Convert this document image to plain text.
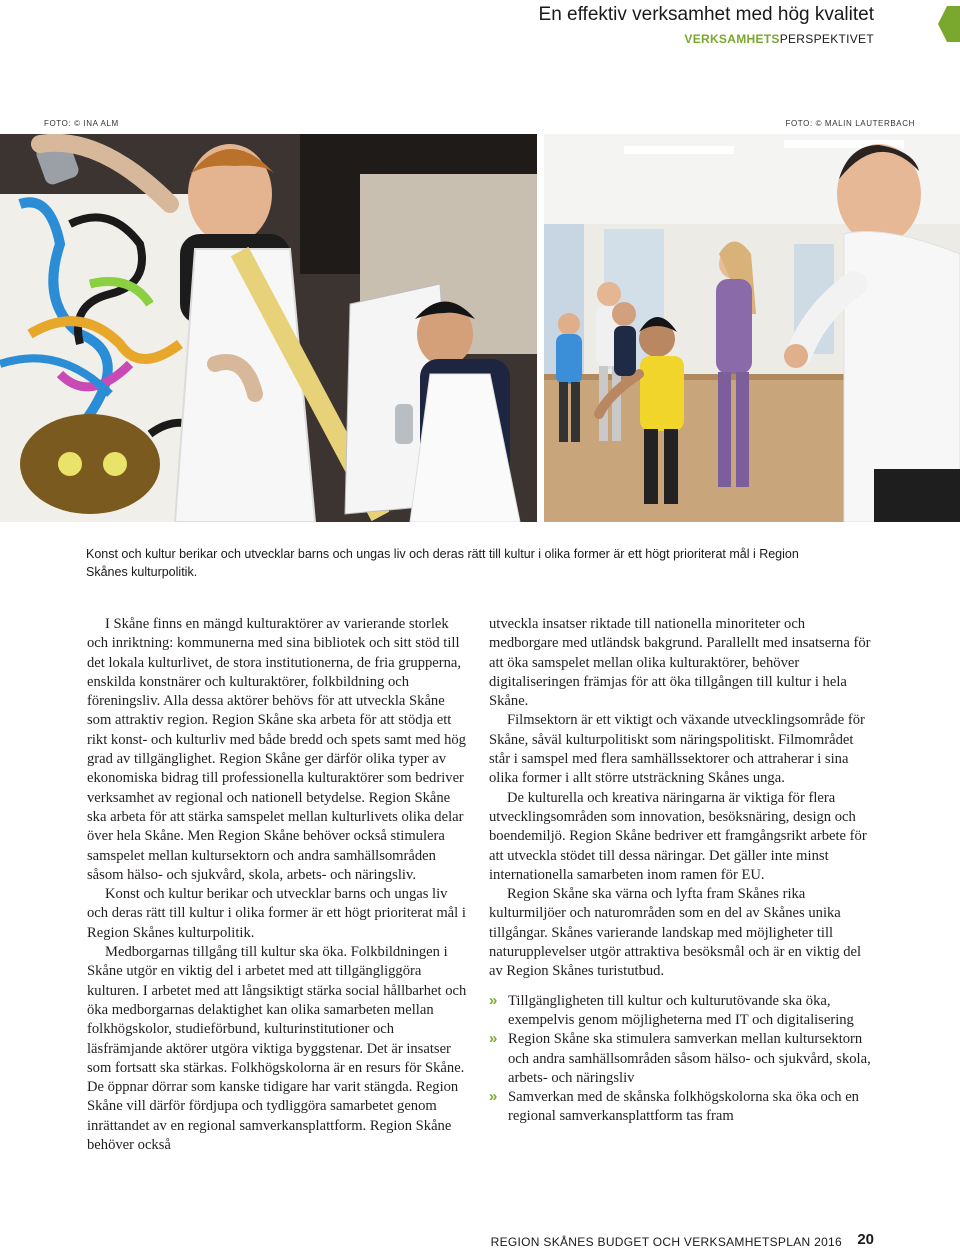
En effektiv verksamhet med hög kvalitet
VERKSAMHETSPERSPEKTIVET
FOTO: © INA ALM	FOTO: © MALIN LAUTERBACH
Konst och kultur berikar och utvecklar barns och ungas liv och deras rätt till kultur i olika former är ett högt prioriterat mål i Region Skånes kulturpolitik.

I Skåne finns en mängd kulturaktörer av varierande storlek och inriktning: kommunerna med sina bibliotek och sitt stöd till det lokala kulturlivet, de stora institutionerna, de fria grupperna, enskilda konstnärer och kulturaktörer, folkbildning och föreningsliv. Alla dessa aktörer behövs för att utveckla Skåne som attraktiv region. Region Skåne ska arbeta för att stödja ett rikt konst- och kulturliv med både bredd och spets samt med hög grad av tillgänglighet. Region Skåne ger därför olika typer av ekonomiska bidrag till professionella kulturaktörer som bedriver verksamhet av regional och nationell betydelse. Region Skåne ska arbeta för att stärka samspelet mellan kulturlivets olika delar över hela Skåne. Men Region Skåne behöver också stimulera samspelet mellan kultursektorn och andra samhällsområden såsom hälso- och sjukvård, skola, arbets- och näringsliv.

Konst och kultur berikar och utvecklar barns och ungas liv och deras rätt till kultur i olika former är ett högt prioriterat mål i Region Skånes kulturpolitik.

Medborgarnas tillgång till kultur ska öka. Folkbildningen i Skåne utgör en viktig del i arbetet med att tillgängliggöra kulturen. I arbetet med att långsiktigt stärka social hållbarhet och öka medborgarnas delaktighet kan olika samarbeten mellan folkhögskolor, studieförbund, kulturinstitutioner och läsfrämjande aktörer utgöra viktiga byggstenar. Det är insatser som fortsatt ska stärkas. Folkhögskolorna är en resurs för Skåne. De öppnar dörrar som kanske tidigare har varit stängda. Region Skåne vill därför fördjupa och tydliggöra samarbetet genom inrättandet av en regional samverkansplattform. Region Skåne behöver också

utveckla insatser riktade till nationella minoriteter och medborgare med utländsk bakgrund. Parallellt med insatserna för att öka samspelet mellan olika kulturaktörer, behöver digitaliseringen främjas för att öka tillgången till kultur i hela Skåne.

Filmsektorn är ett viktigt och växande utvecklingsområde för Skåne, såväl kulturpolitiskt som näringspolitiskt. Filmområdet står i samspel med flera samhällssektorer och attraherar i sina olika former i allt större utsträckning Skånes unga.

De kulturella och kreativa näringarna är viktiga för flera utvecklingsområden som innovation, besöksnäring, design och boendemiljö. Region Skåne bedriver ett framgångsrikt arbete för att utveckla stödet till dessa näringar. Det gäller inte minst internationella samarbeten inom ramen för EU.

Region Skåne ska värna och lyfta fram Skånes rika kulturmiljöer och naturområden som en del av Skånes unika tillgångar. Skånes varierande landskap med möjligheter till naturupplevelser utgör attraktiva besöksmål och är en viktig del av Region Skånes turistutbud.

» Tillgängligheten till kultur och kulturutövande ska öka, exempelvis genom möjligheterna med IT och digitalisering
» Region Skåne ska stimulera samverkan mellan kultursektorn och andra samhällsområden såsom hälso- och sjukvård, skola, arbets- och näringsliv
» Samverkan med de skånska folkhögskolorna ska öka och en regional samverkansplattform tas fram
REGION SKÅNES BUDGET OCH VERKSAMHETSPLAN 2016	20
